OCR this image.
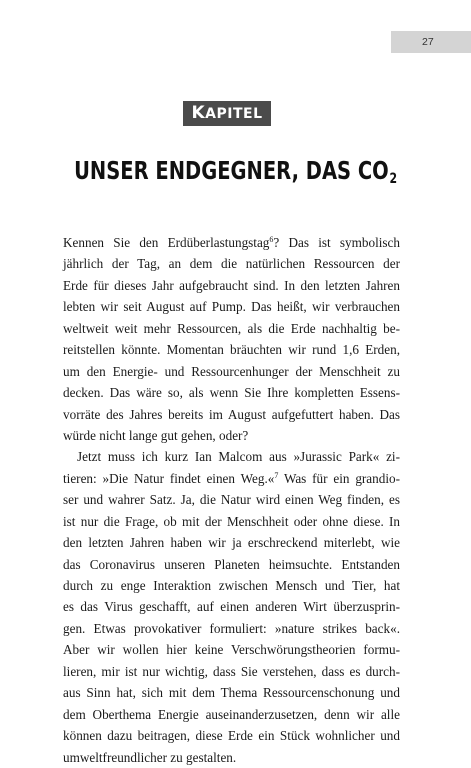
27
KAPITEL 2
UNSER ENDGEGNER, DAS $CO_2$
Kennen Sie den Erdüberlastungstag$^6$? Das ist symbolisch
jährlich der Tag, an dem die natürlichen Ressourcen der
Erde für dieses Jahr aufgebraucht sind. In den letzten Jahren
lebten wir seit August auf Pump. Das heißt, wir verbrauchen
weltweit weit mehr Ressourcen, als die Erde nachhaltig be-
reitstellen könnte. Momentan bräuchten wir rund 1,6 Erden,
um den Energie- und Ressourcenhunger der Menschheit zu
decken. Das wäre so, als wenn Sie Ihre kompletten Essens-
vorräte des Jahres bereits im August aufgefuttert haben. Das
würde nicht lange gut gehen, oder?
Jetzt muss ich kurz Ian Malcom aus »Jurassic Park« zi-
tieren: »Die Natur findet einen Weg.«$^7$ Was für ein grandio-
ser und wahrer Satz. Ja, die Natur wird einen Weg finden, es
ist nur die Frage, ob mit der Menschheit oder ohne diese. In
den letzten Jahren haben wir ja erschreckend miterlebt, wie
das Coronavirus unseren Planeten heimsuchte. Entstanden
durch zu enge Interaktion zwischen Mensch und Tier, hat
es das Virus geschafft, auf einen anderen Wirt überzusprin-
gen. Etwas provokativer formuliert: »nature strikes back«.
Aber wir wollen hier keine Verschwörungstheorien formu-
lieren, mir ist nur wichtig, dass Sie verstehen, dass es durch-
aus Sinn hat, sich mit dem Thema Ressourcenschonung und
dem Oberthema Energie auseinanderzusetzen, denn wir alle
können dazu beitragen, diese Erde ein Stück wohnlicher und
umweltfreundlicher zu gestalten.
